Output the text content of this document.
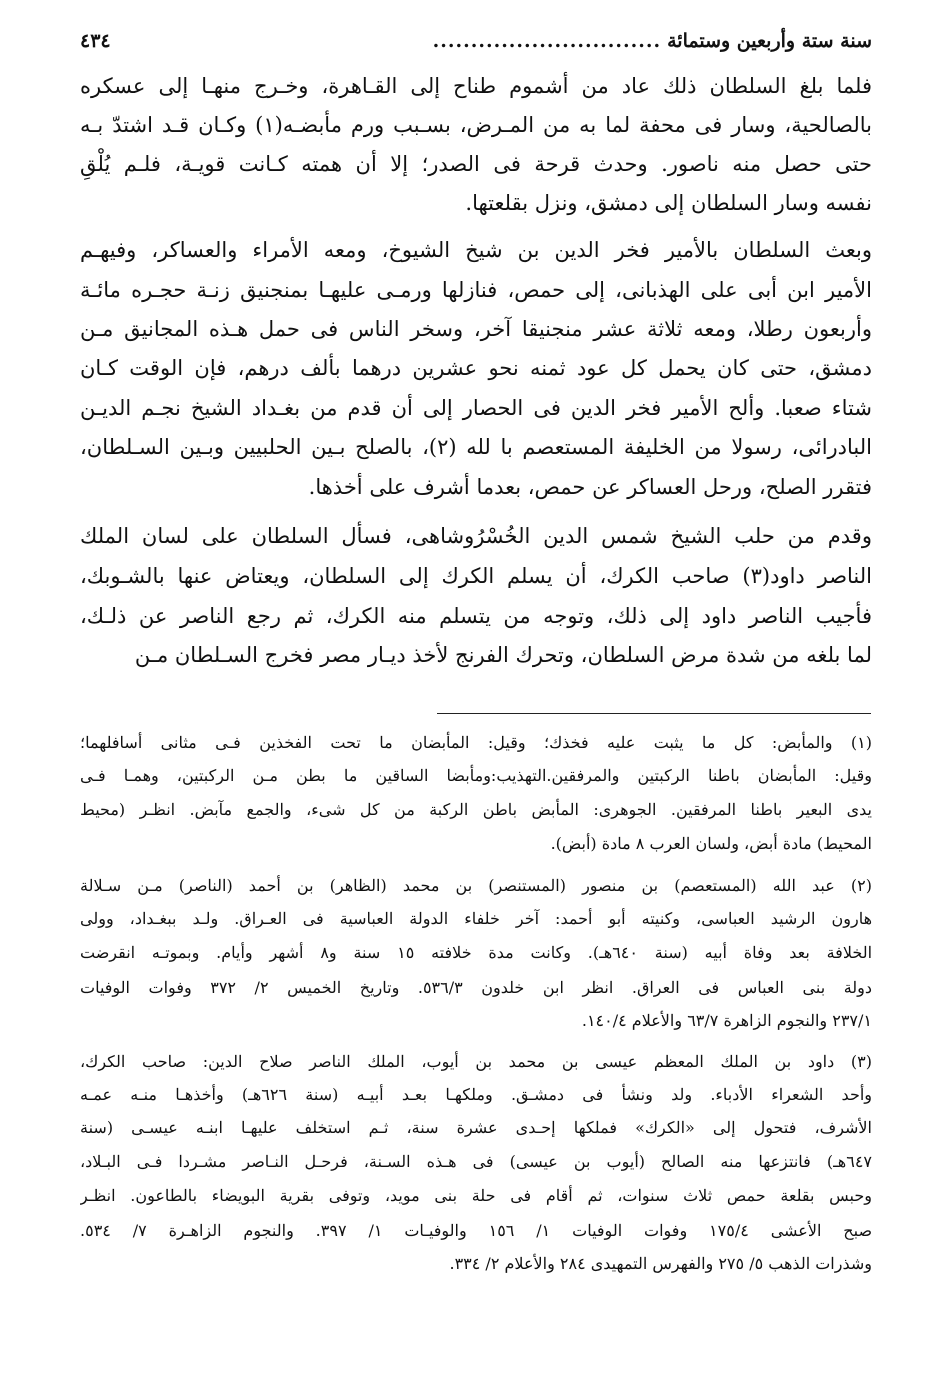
سنة ستة وأربعين وستمائة
..............................
٤٣٤
فلما بلغ السلطان ذلك عاد من أشموم طناح إلى القـاهرة، وخـرج منهـا إلى عسكره
بالصالحية، وسار فى محفة لما به من المـرض، بسـبب ورم مأبضـه(١) وكـان قـد اشتدّ بـه
حتى حصل منه ناصور. وحدث قرحة فى الصدر؛ إلا أن همته كـانت قويـة، فلـم يُلْقِ
نفسه وسار السلطان إلى دمشق، ونزل بقلعتها.
وبعث السلطان بالأمير فخر الدين بن شيخ الشيوخ، ومعه الأمراء والعساكر، وفيهـم
الأمير ابن أبى على الهذبانى، إلى حمص، فنازلها ورمـى عليهـا بمنجنيق زنـة حجـره مائـة
وأربعون رطلا، ومعه ثلاثة عشر منجنيقا آخر، وسخر الناس فى حمل هـذه المجانيق مـن
دمشق، حتى كان يحمل كل عود ثمنه نحو عشرين درهما بألف درهم، فإن الوقت كـان
شتاء صعبا. وألح الأمير فخر الدين فى الحصار إلى أن قدم من بغـداد الشيخ نجـم الديـن
البادرائى، رسولا من الخليفة المستعصم با لله (٢)، بالصلح بـين الحلبيين وبـين السـلطان،
فتقرر الصلح، ورحل العساكر عن حمص، بعدما أشرف على أخذها.
وقدم من حلب الشيخ شمس الدين الخُسْرُوشاهى، فسأل السلطان على لسان الملك
الناصر داود(٣) صاحب الكرك، أن يسلم الكرك إلى السلطان، ويعتاض عنها بالشـوبك،
فأجيب الناصر داود إلى ذلك، وتوجه من يتسلم منه الكرك، ثم رجع الناصر عن ذلـك،
لما بلغه من شدة مرض السلطان، وتحرك الفرنج لأخذ ديـار مصر فخرج السـلطان مـن
(١) والمأبض: كل ما يثبت عليه فخذك؛ وقيل: المأبضان ما تحت الفخذين فـى مثانى أسافلهما؛
وقيل: المأبضان باطنا الركبتين والمرفقين.التهذيب:ومأبضا الساقين ما بطن مـن الركبتين، وهمـا فـى
يدى البعير باطنا المرفقين. الجوهرى: المأبض باطن الركبة من كل شىء، والجمع مآبض. انظـر (محيط
المحيط) مادة أبض، ولسان العرب ٨ مادة (أبض).
(٢) عبد الله (المستعصم) بن منصور (المستنصر) بن محمد (الظاهر) بن أحمد (الناصر) مـن سـلالة
هارون الرشيد العباسى، وكنيته أبو أحمد: آخر خلفاء الدولة العباسية فى العـراق. ولـد ببغـداد، وولى
الخلافة بعد وفاة أبيه (سنة ٦٤٠هـ). وكانت مدة خلافته ١٥ سنة و٨ أشهر وأيام. وبموتـه انقرضت
دولة بنى العباس فى العراق. انظر ابن خلدون ٥٣٦/٣. وتاريخ الخميس ٢/ ٣٧٢ وفوات الوفيات
٢٣٧/١ والنجوم الزاهرة ٦٣/٧ والأعلام ١٤٠/٤.
(٣) داود بن الملك المعظم عيسى بن محمد بن أيوب، الملك الناصر صلاح الدين: صاحب الكرك،
وأحد الشعراء الأدباء. ولد ونشأ فى دمشـق. وملكهـا بعـد أبيـه (سنة ٦٢٦هـ) وأخذهـا منـه عمـه
الأشرف، فتحول إلى «الكرك» فملكها إحـدى عشرة سنة، ثـم استخلف عليهـا ابنـه عيسـى (سنة
٦٤٧هـ) فانتزعها منه الصالح (أيوب بن عيسى) فى هـذه السـنة، فرحـل النـاصر مشـردا فـى البـلاد،
وحبس بقلعة حمص ثلاث سنوات، ثم أقام فى حلة بنى مويد، وتوفى بقرية البويضاء بالطاعون. انظـر
صبح الأعشى ١٧٥/٤ وفوات الوفيات ١/ ١٥٦ والوفيـات ١/ ٣٩٧. والنجوم الزاهـرة ٧/ ٥٣٤.
وشذرات الذهب ٥/ ٢٧٥ والفهرس التمهيدى ٢٨٤ والأعلام ٢/ ٣٣٤.
